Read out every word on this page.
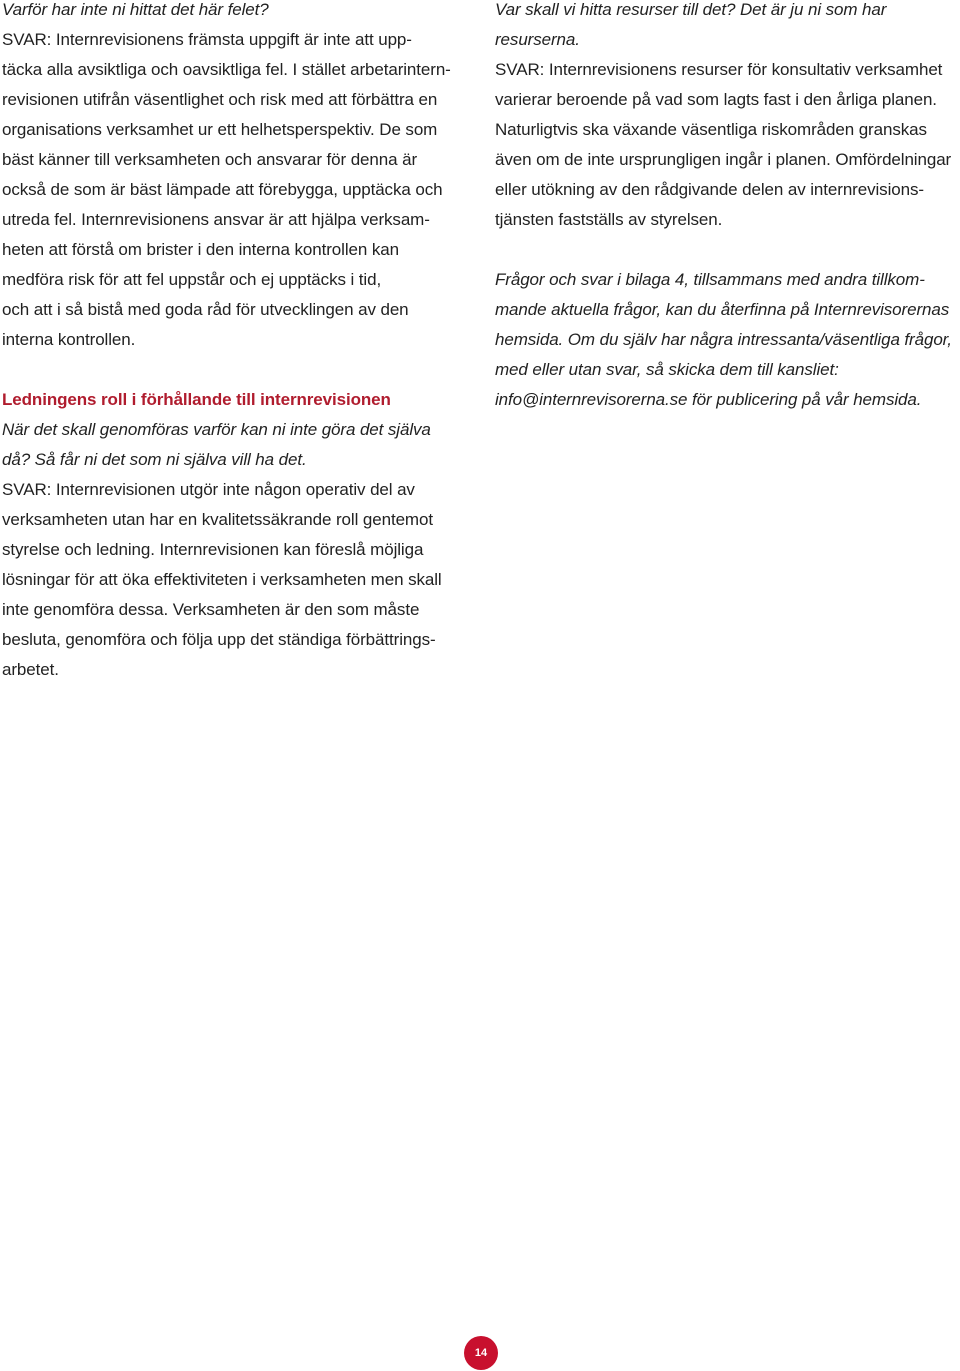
Varför har inte ni hittat det här felet?
SVAR: Internrevisionens främsta uppgift är inte att upp-
täcka alla avsiktliga och oavsiktliga fel. I stället arbetarintern-
revisionen utifrån väsentlighet och risk med att förbättra en
organisations verksamhet ur ett helhetsperspektiv. De som
bäst känner till verksamheten och ansvarar för denna är
också de som är bäst lämpade att förebygga, upptäcka och
utreda fel. Internrevisionens ansvar är att hjälpa verksam-
heten att förstå om brister i den interna kontrollen kan
medföra risk för att fel uppstår och ej upptäcks i tid,
och att i så bistå med goda råd för utvecklingen av den
interna kontrollen.
Ledningens roll i förhållande till internrevisionen
När det skall genomföras varför kan ni inte göra det själva
då? Så får ni det som ni själva vill ha det.
SVAR: Internrevisionen utgör inte någon operativ del av
verksamheten utan har en kvalitetssäkrande roll gentemot
styrelse och ledning. Internrevisionen kan föreslå möjliga
lösningar för att öka effektiviteten i verksamheten men skall
inte genomföra dessa. Verksamheten är den som måste
besluta, genomföra och följa upp det ständiga förbättrings-
arbetet.
Var skall vi hitta resurser till det? Det är ju ni som har
resurserna.
SVAR: Internrevisionens resurser för konsultativ verksamhet
varierar beroende på vad som lagts fast i den årliga planen.
Naturligtvis ska växande väsentliga riskområden granskas
även om de inte ursprungligen ingår i planen. Omfördelningar
eller utökning av den rådgivande delen av internrevisions-
tjänsten fastställs av styrelsen.
Frågor och svar i bilaga 4, tillsammans med andra tillkom-
mande aktuella frågor, kan du återfinna på Internrevisorernas
hemsida. Om du själv har några intressanta/väsentliga frågor,
med eller utan svar, så skicka dem till kansliet:
info@internrevisorerna.se för publicering på vår hemsida.
14
